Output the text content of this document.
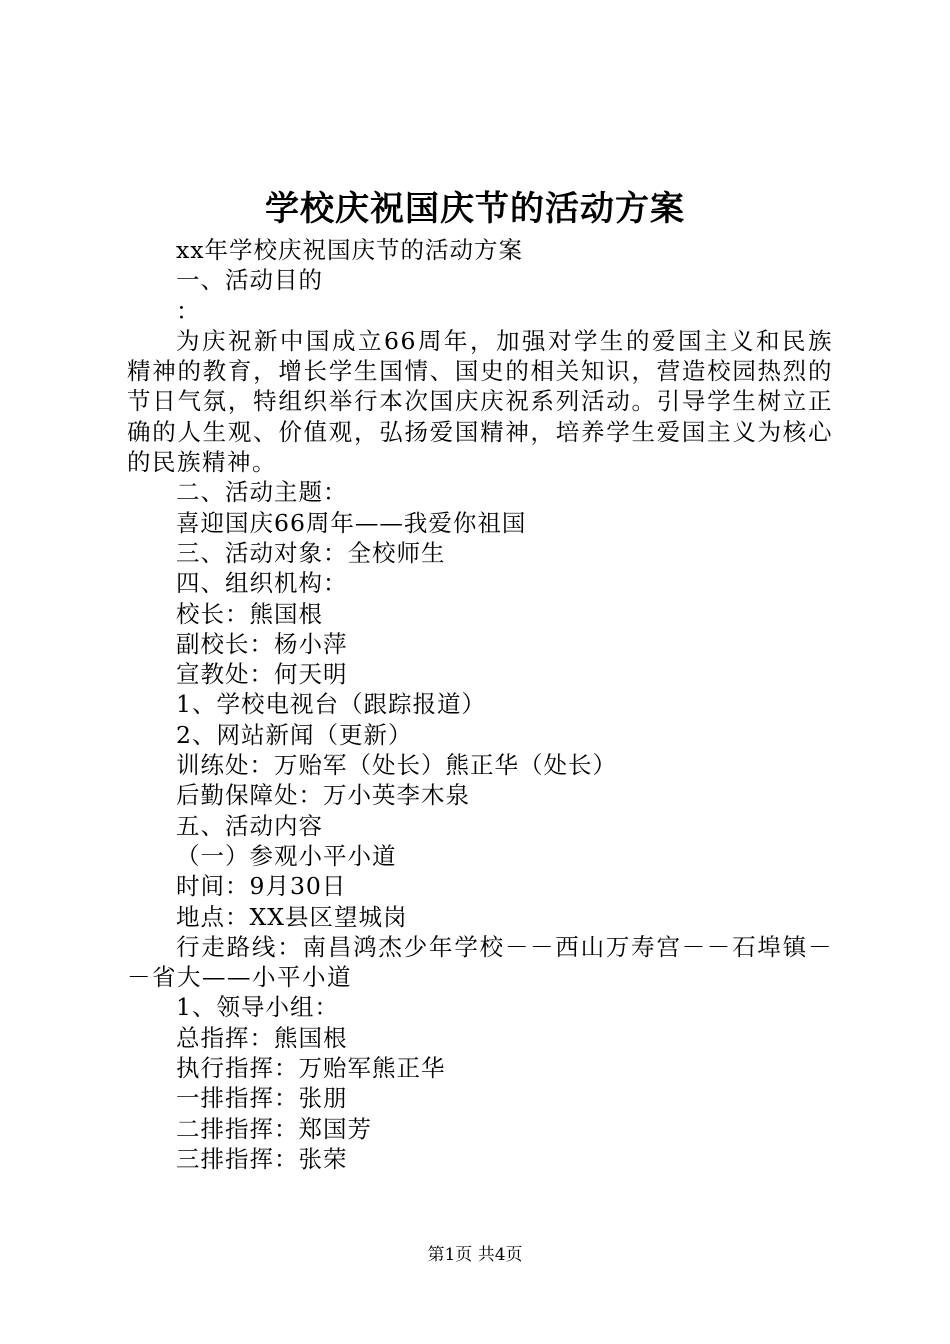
学校庆祝国庆节的活动方案
xx年学校庆祝国庆节的活动方案
一、活动目的
：
为庆祝新中国成立66周年，加强对学生的爱国主义和民族精神的教育，增长学生国情、国史的相关知识，营造校园热烈的节日气氛，特组织举行本次国庆庆祝系列活动。引导学生树立正确的人生观、价值观，弘扬爱国精神，培养学生爱国主义为核心的民族精神。
二、活动主题：
喜迎国庆66周年——我爱你祖国
三、活动对象：全校师生
四、组织机构：
校长：熊国根
副校长：杨小萍
宣教处：何天明
1、学校电视台（跟踪报道）
2、网站新闻（更新）
训练处：万贻军（处长）熊正华（处长）
后勤保障处：万小英李木泉
五、活动内容
（一）参观小平小道
时间：9月30日
地点：XX县区望城岗
行走路线：南昌鸿杰少年学校－－西山万寿宫－－石埠镇－－省大——小平小道
1、领导小组：
总指挥：熊国根
执行指挥：万贻军熊正华
一排指挥：张朋
二排指挥：郑国芳
三排指挥：张荣
第1页 共4页
